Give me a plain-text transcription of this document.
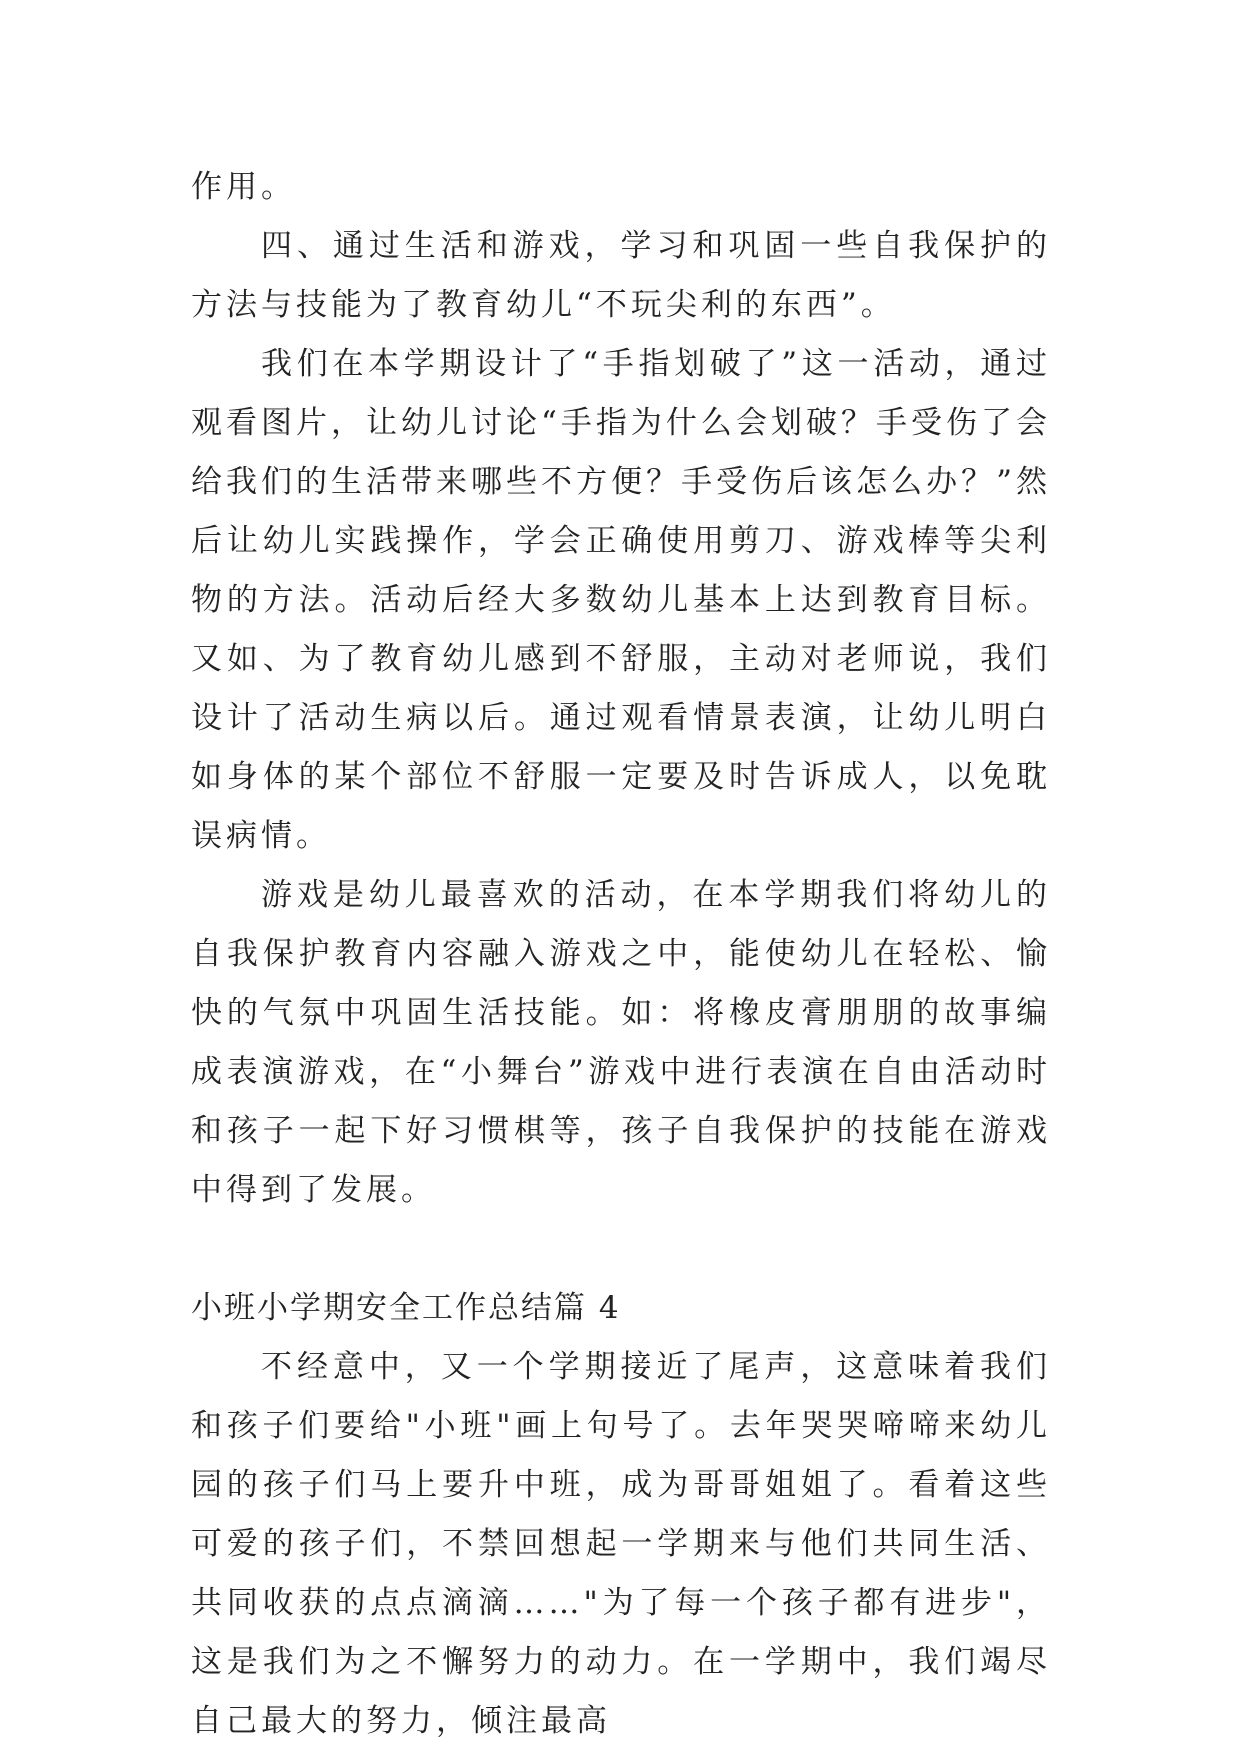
作用。

四、通过生活和游戏，学习和巩固一些自我保护的方法与技能为了教育幼儿“不玩尖利的东西”。

我们在本学期设计了“手指划破了”这一活动，通过观看图片，让幼儿讨论“手指为什么会划破？手受伤了会给我们的生活带来哪些不方便？手受伤后该怎么办？”然后让幼儿实践操作，学会正确使用剪刀、游戏棒等尖利物的方法。活动后经大多数幼儿基本上达到教育目标。又如、为了教育幼儿感到不舒服，主动对老师说，我们设计了活动生病以后。通过观看情景表演，让幼儿明白如身体的某个部位不舒服一定要及时告诉成人，以免耽误病情。

游戏是幼儿最喜欢的活动，在本学期我们将幼儿的自我保护教育内容融入游戏之中，能使幼儿在轻松、愉快的气氛中巩固生活技能。如：将橡皮膏朋朋的故事编成表演游戏，在“小舞台”游戏中进行表演在自由活动时和孩子一起下好习惯棋等，孩子自我保护的技能在游戏中得到了发展。

小班小学期安全工作总结篇 4

不经意中，又一个学期接近了尾声，这意味着我们和孩子们要给"小班"画上句号了。去年哭哭啼啼来幼儿园的孩子们马上要升中班，成为哥哥姐姐了。看着这些可爱的孩子们，不禁回想起一学期来与他们共同生活、共同收获的点点滴滴……"为了每一个孩子都有进步"，这是我们为之不懈努力的动力。在一学期中，我们竭尽自己最大的努力，倾注最高
